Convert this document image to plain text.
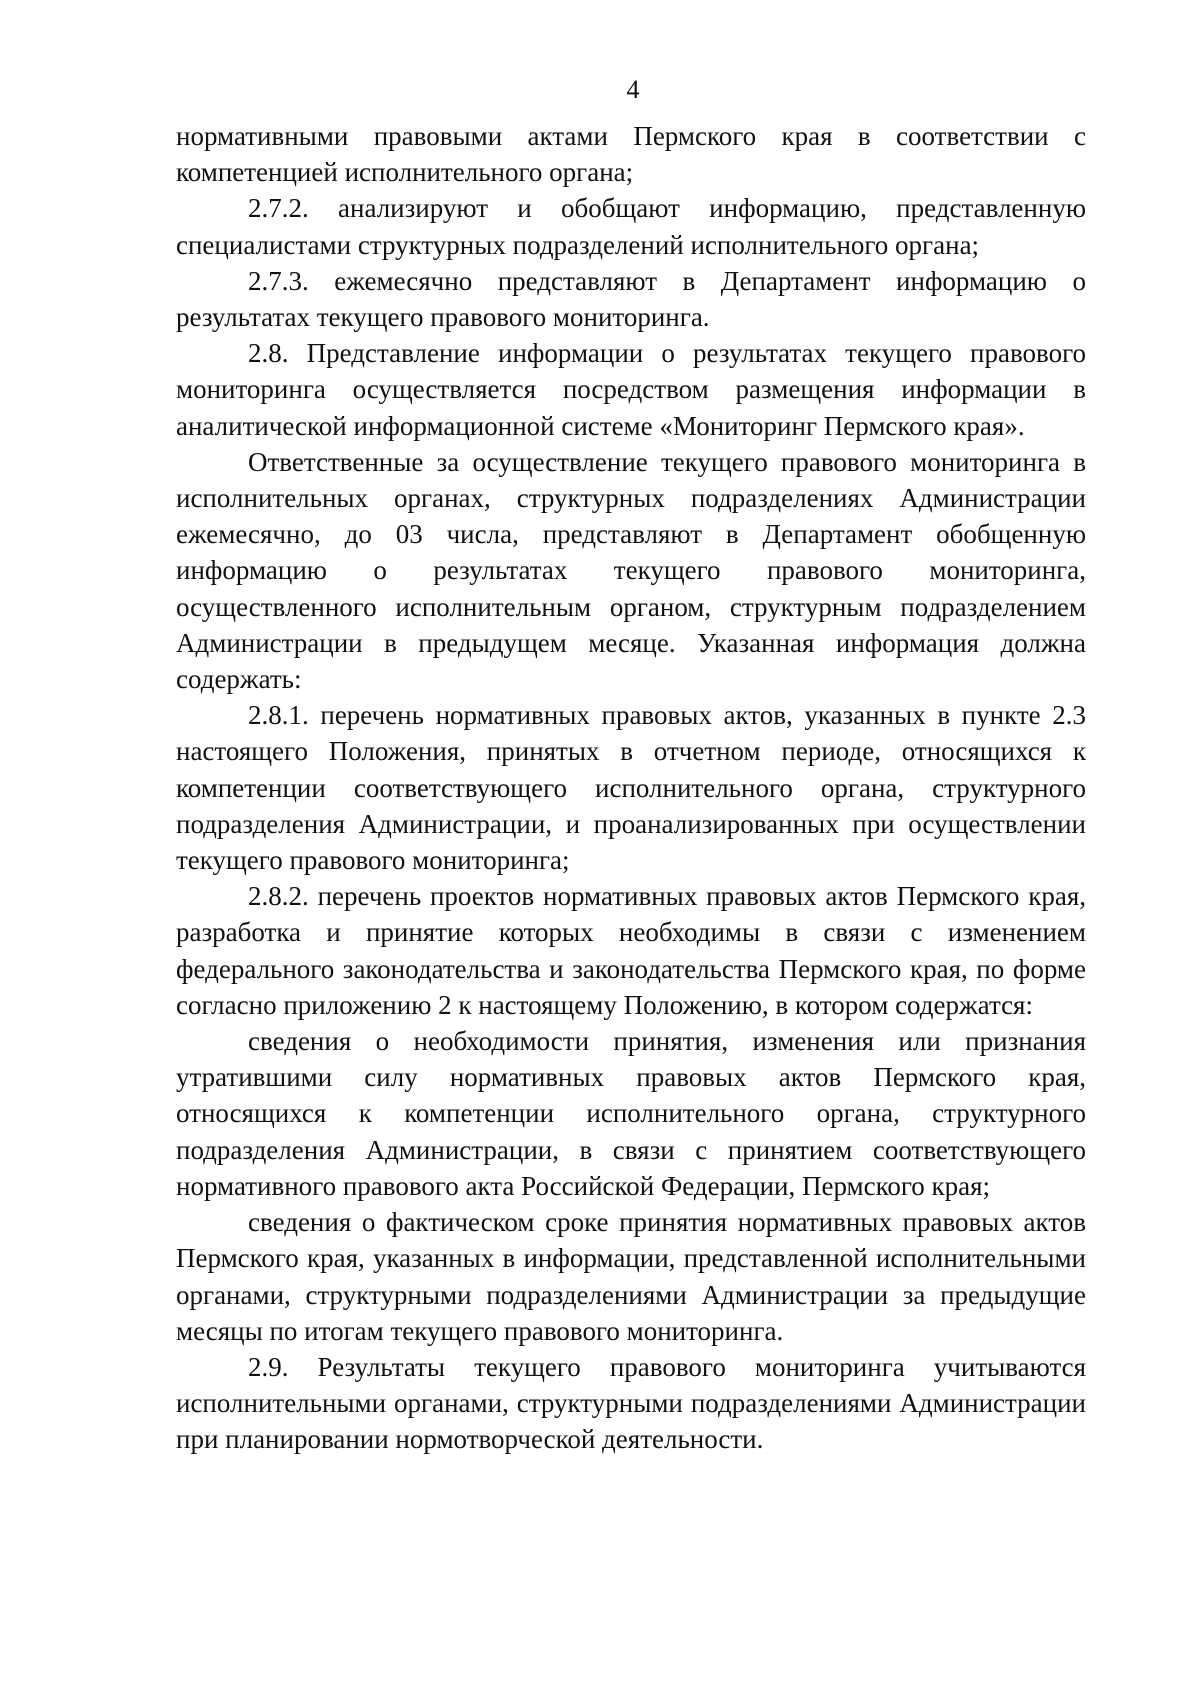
4

нормативными правовыми актами Пермского края в соответствии с компетенцией исполнительного органа;

2.7.2. анализируют и обобщают информацию, представленную специалистами структурных подразделений исполнительного органа;

2.7.3. ежемесячно представляют в Департамент информацию о результатах текущего правового мониторинга.

2.8. Представление информации о результатах текущего правового мониторинга осуществляется посредством размещения информации в аналитической информационной системе «Мониторинг Пермского края».

Ответственные за осуществление текущего правового мониторинга в исполнительных органах, структурных подразделениях Администрации ежемесячно, до 03 числа, представляют в Департамент обобщенную информацию о результатах текущего правового мониторинга, осуществленного исполнительным органом, структурным подразделением Администрации в предыдущем месяце. Указанная информация должна содержать:

2.8.1. перечень нормативных правовых актов, указанных в пункте 2.3 настоящего Положения, принятых в отчетном периоде, относящихся к компетенции соответствующего исполнительного органа, структурного подразделения Администрации, и проанализированных при осуществлении текущего правового мониторинга;

2.8.2. перечень проектов нормативных правовых актов Пермского края, разработка и принятие которых необходимы в связи с изменением федерального законодательства и законодательства Пермского края, по форме согласно приложению 2 к настоящему Положению, в котором содержатся:

сведения о необходимости принятия, изменения или признания утратившими силу нормативных правовых актов Пермского края, относящихся к компетенции исполнительного органа, структурного подразделения Администрации, в связи с принятием соответствующего нормативного правового акта Российской Федерации, Пермского края;

сведения о фактическом сроке принятия нормативных правовых актов Пермского края, указанных в информации, представленной исполнительными органами, структурными подразделениями Администрации за предыдущие месяцы по итогам текущего правового мониторинга.

2.9. Результаты текущего правового мониторинга учитываются исполнительными органами, структурными подразделениями Администрации при планировании нормотворческой деятельности.
